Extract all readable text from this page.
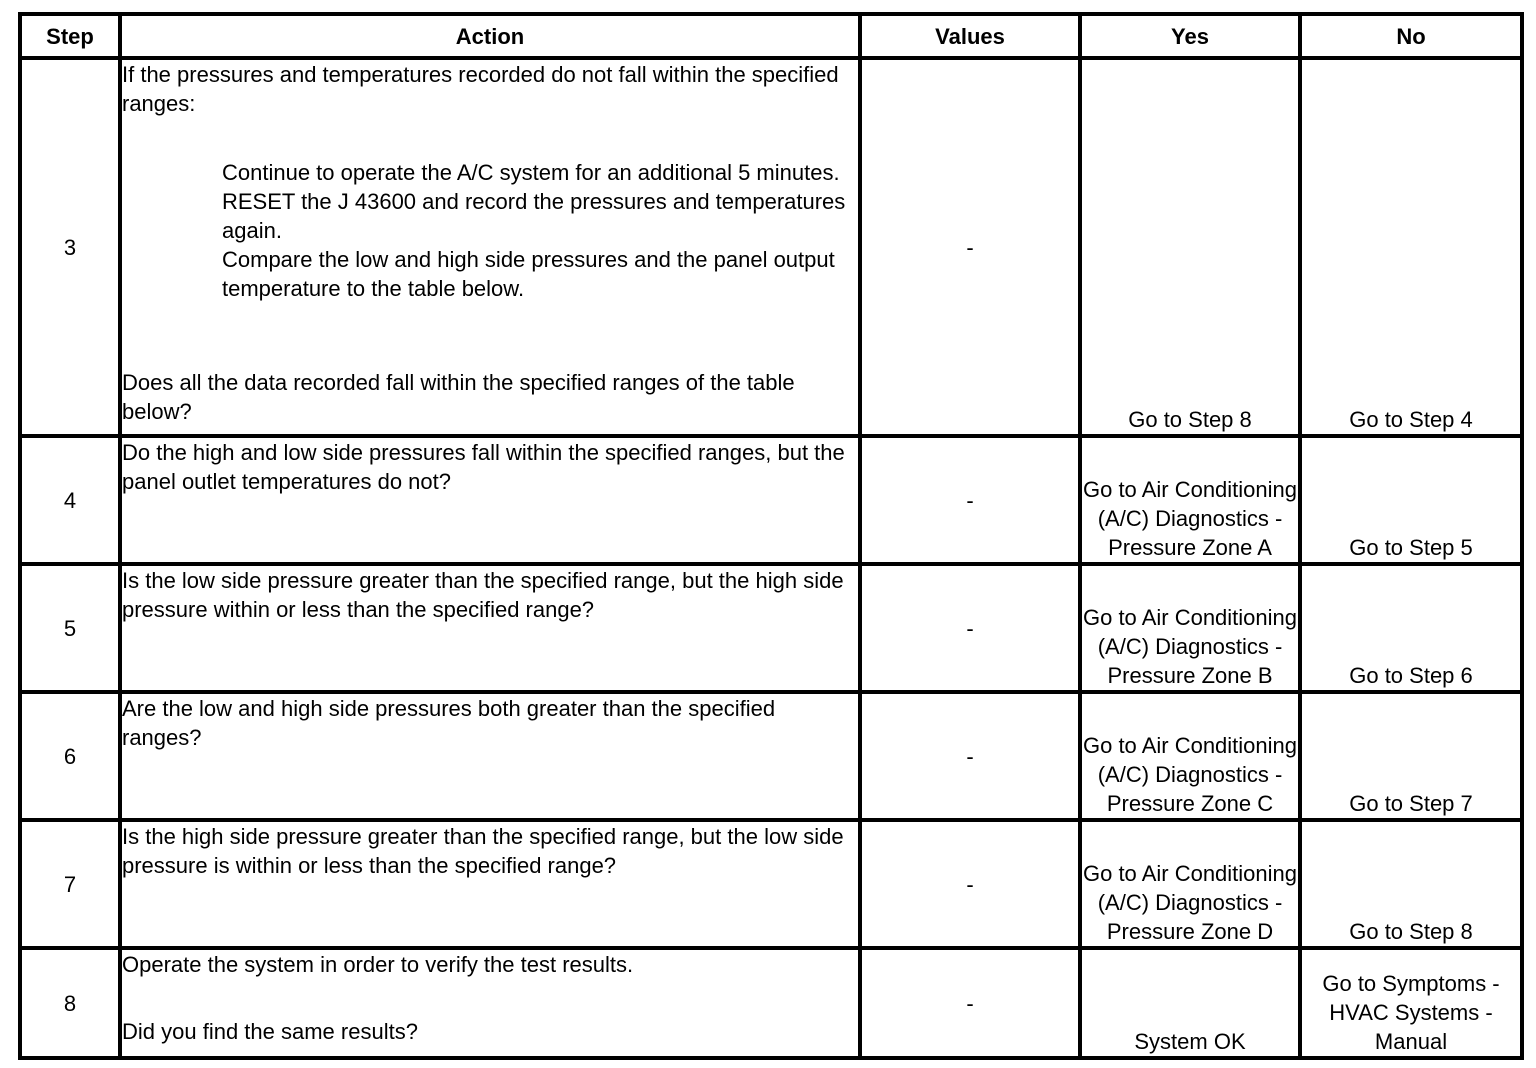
Step	Action	Values	Yes	No
3	If the pressures and temperatures recorded do not fall within the specified ranges:
Continue to operate the A/C system for an additional 5 minutes.
RESET the J 43600 and record the pressures and temperatures again.
Compare the low and high side pressures and the panel output temperature to the table below.
Does all the data recorded fall within the specified ranges of the table below?	-	Go to Step 8	Go to Step 4
4	Do the high and low side pressures fall within the specified ranges, but the panel outlet temperatures do not?	-	Go to Air Conditioning (A/C) Diagnostics - Pressure Zone A	Go to Step 5
5	Is the low side pressure greater than the specified range, but the high side pressure within or less than the specified range?	-	Go to Air Conditioning (A/C) Diagnostics - Pressure Zone B	Go to Step 6
6	Are the low and high side pressures both greater than the specified ranges?	-	Go to Air Conditioning (A/C) Diagnostics - Pressure Zone C	Go to Step 7
7	Is the high side pressure greater than the specified range, but the low side pressure is within or less than the specified range?	-	Go to Air Conditioning (A/C) Diagnostics - Pressure Zone D	Go to Step 8
8	Operate the system in order to verify the test results.
Did you find the same results?	-	System OK	Go to Symptoms - HVAC Systems - Manual
